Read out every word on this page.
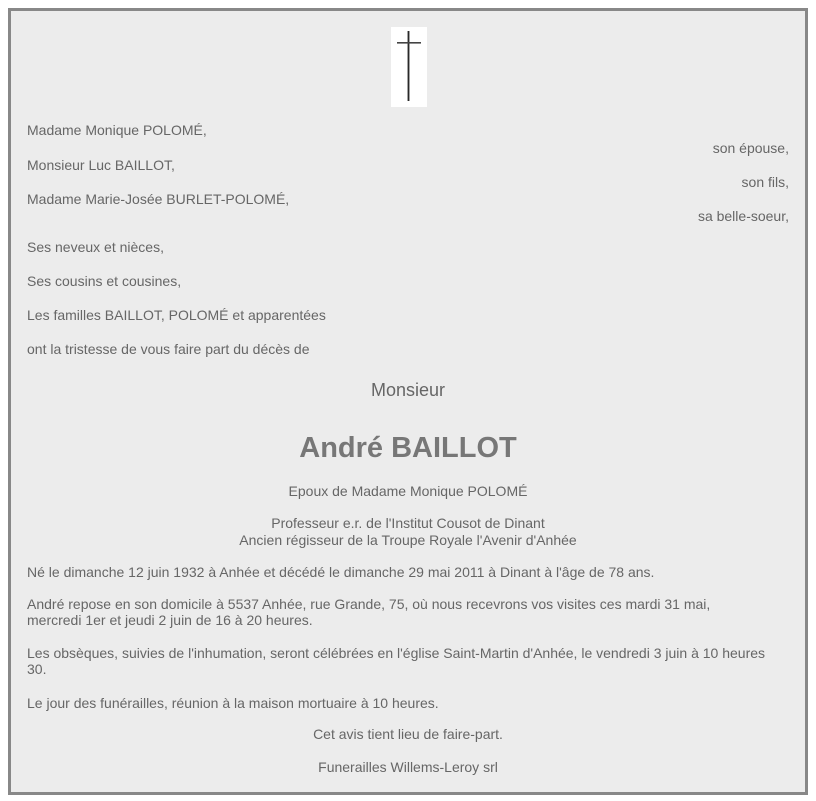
Madame Monique POLOMÉ,
son épouse,
Monsieur Luc BAILLOT,
son fils,
Madame Marie-Josée BURLET-POLOMÉ,
sa belle-soeur,
Ses neveux et nièces,
Ses cousins et cousines,
Les familles BAILLOT, POLOMÉ et apparentées
ont la tristesse de vous faire part du décès de
Monsieur
André BAILLOT
Epoux de Madame Monique POLOMÉ
Professeur e.r. de l'Institut Cousot de Dinant
Ancien régisseur de la Troupe Royale l'Avenir d'Anhée
Né le dimanche 12 juin 1932 à Anhée et décédé le dimanche 29 mai 2011 à Dinant à l'âge de 78 ans.
André repose en son domicile à 5537 Anhée, rue Grande, 75, où nous recevrons vos visites ces mardi 31 mai, mercredi 1er et jeudi 2 juin de 16 à 20 heures.
Les obsèques, suivies de l'inhumation, seront célébrées en l'église Saint-Martin d'Anhée, le vendredi 3 juin à 10 heures 30.
Le jour des funérailles, réunion à la maison mortuaire à 10 heures.
Cet avis tient lieu de faire-part.
Funerailles Willems-Leroy srl
